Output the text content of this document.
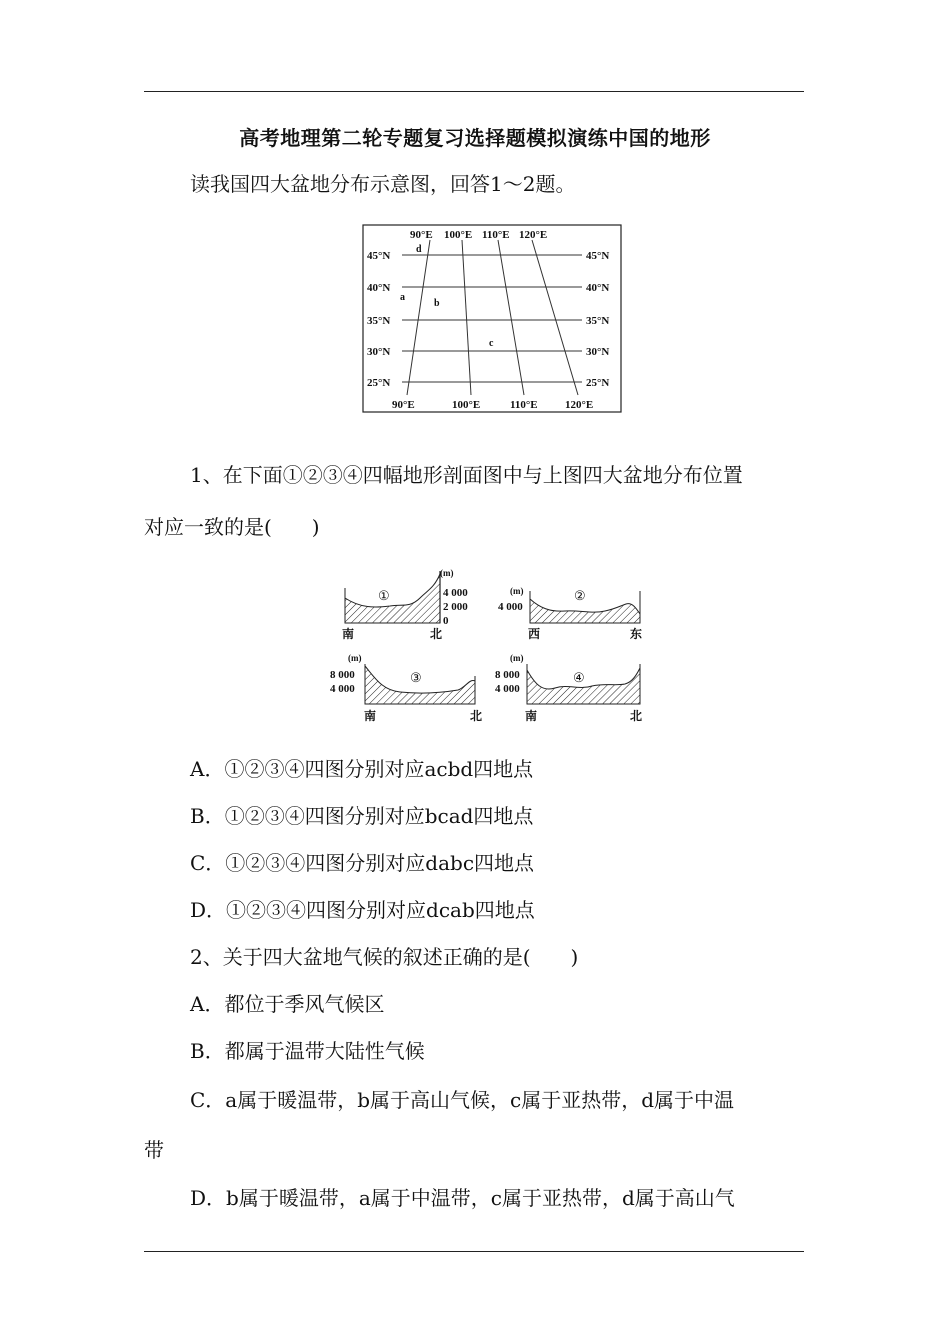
高考地理第二轮专题复习选择题模拟演练中国的地形
读我国四大盆地分布示意图，回答1～2题。
90°E 100°E 110°E 120°E
90°E	100°E	110°E 120°E
45°N
40°N
35°N
30°N
25°N
45°N
40°N
35°N
30°N
25°N
d
a
b
c
1、在下面①②③④四幅地形剖面图中与上图四大盆地分布位置
对应一致的是(　　)
①
(m)
4 000
2 000
0
南	北
②
(m)
4 000
西	东
③
(m)
8 000
4 000
南	北
④
(m)
8 000
4 000
南	北
A．①②③④四图分别对应acbd四地点
B．①②③④四图分别对应bcad四地点
C．①②③④四图分别对应dabc四地点
D．①②③④四图分别对应dcab四地点
2、关于四大盆地气候的叙述正确的是(　　)
A．都位于季风气候区
B．都属于温带大陆性气候
C．a属于暖温带，b属于高山气候，c属于亚热带，d属于中温
带
D．b属于暖温带，a属于中温带，c属于亚热带，d属于高山气
